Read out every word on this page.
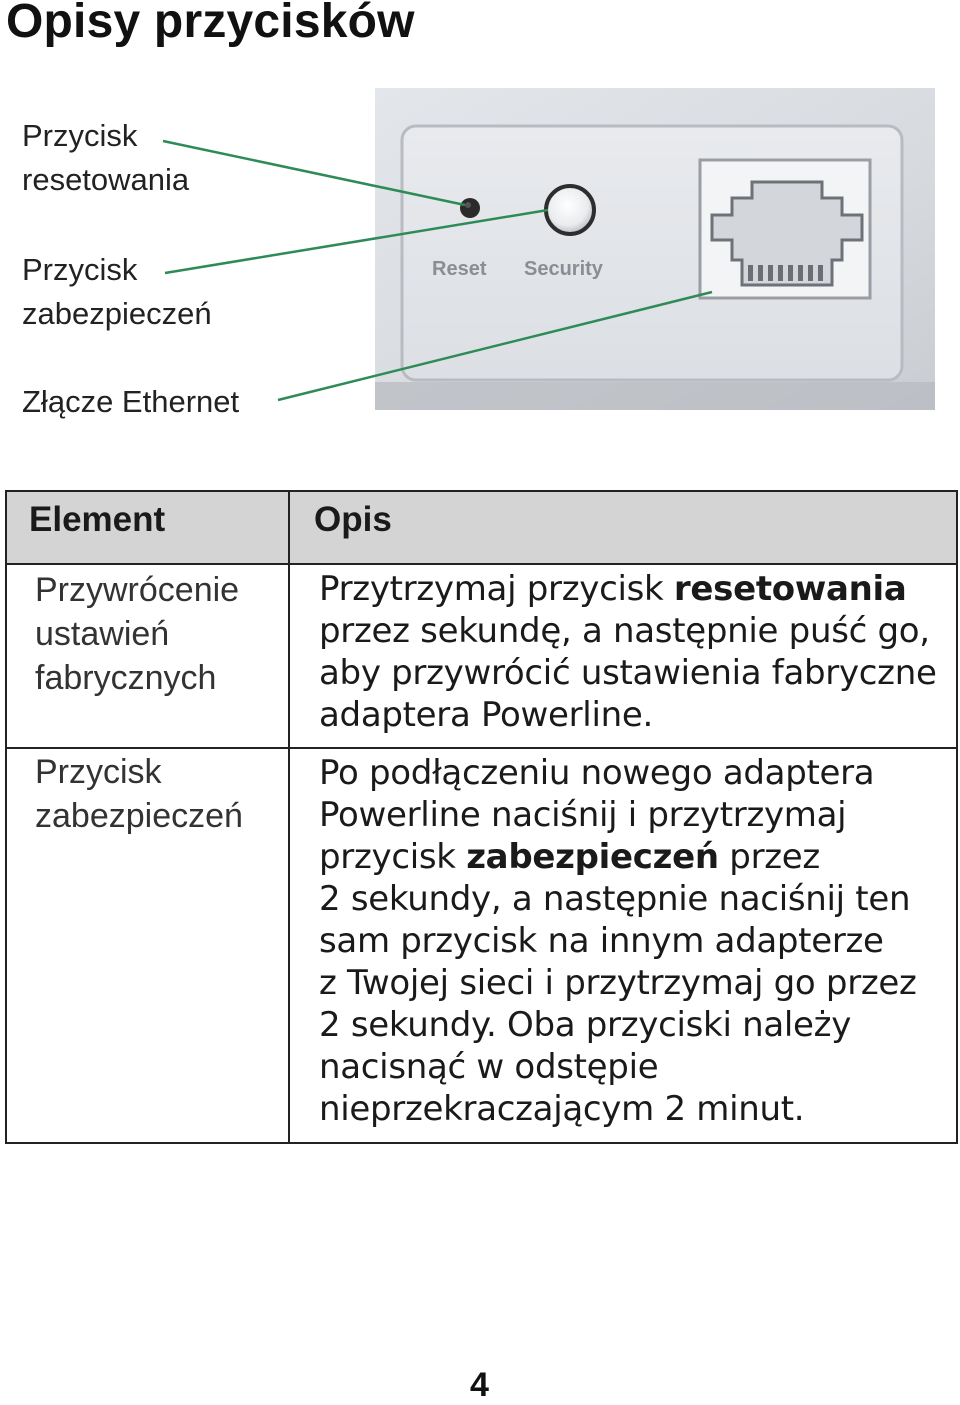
Opisy przycisków
Przycisk
resetowania
Przycisk
zabezpieczeń
Złącze Ethernet
Reset Security
Element	Opis
Przywrócenie
ustawień
fabrycznych
Przytrzymaj przycisk resetowania
przez sekundę, a następnie puść go,
aby przywrócić ustawienia fabryczne
adaptera Powerline.
Przycisk
zabezpieczeń
Po podłączeniu nowego adaptera
Powerline naciśnij i przytrzymaj
przycisk zabezpieczeń przez
2 sekundy, a następnie naciśnij ten
sam przycisk na innym adapterze
z Twojej sieci i przytrzymaj go przez
2 sekundy. Oba przyciski należy
nacisnąć w odstępie
nieprzekraczającym 2 minut.
4
